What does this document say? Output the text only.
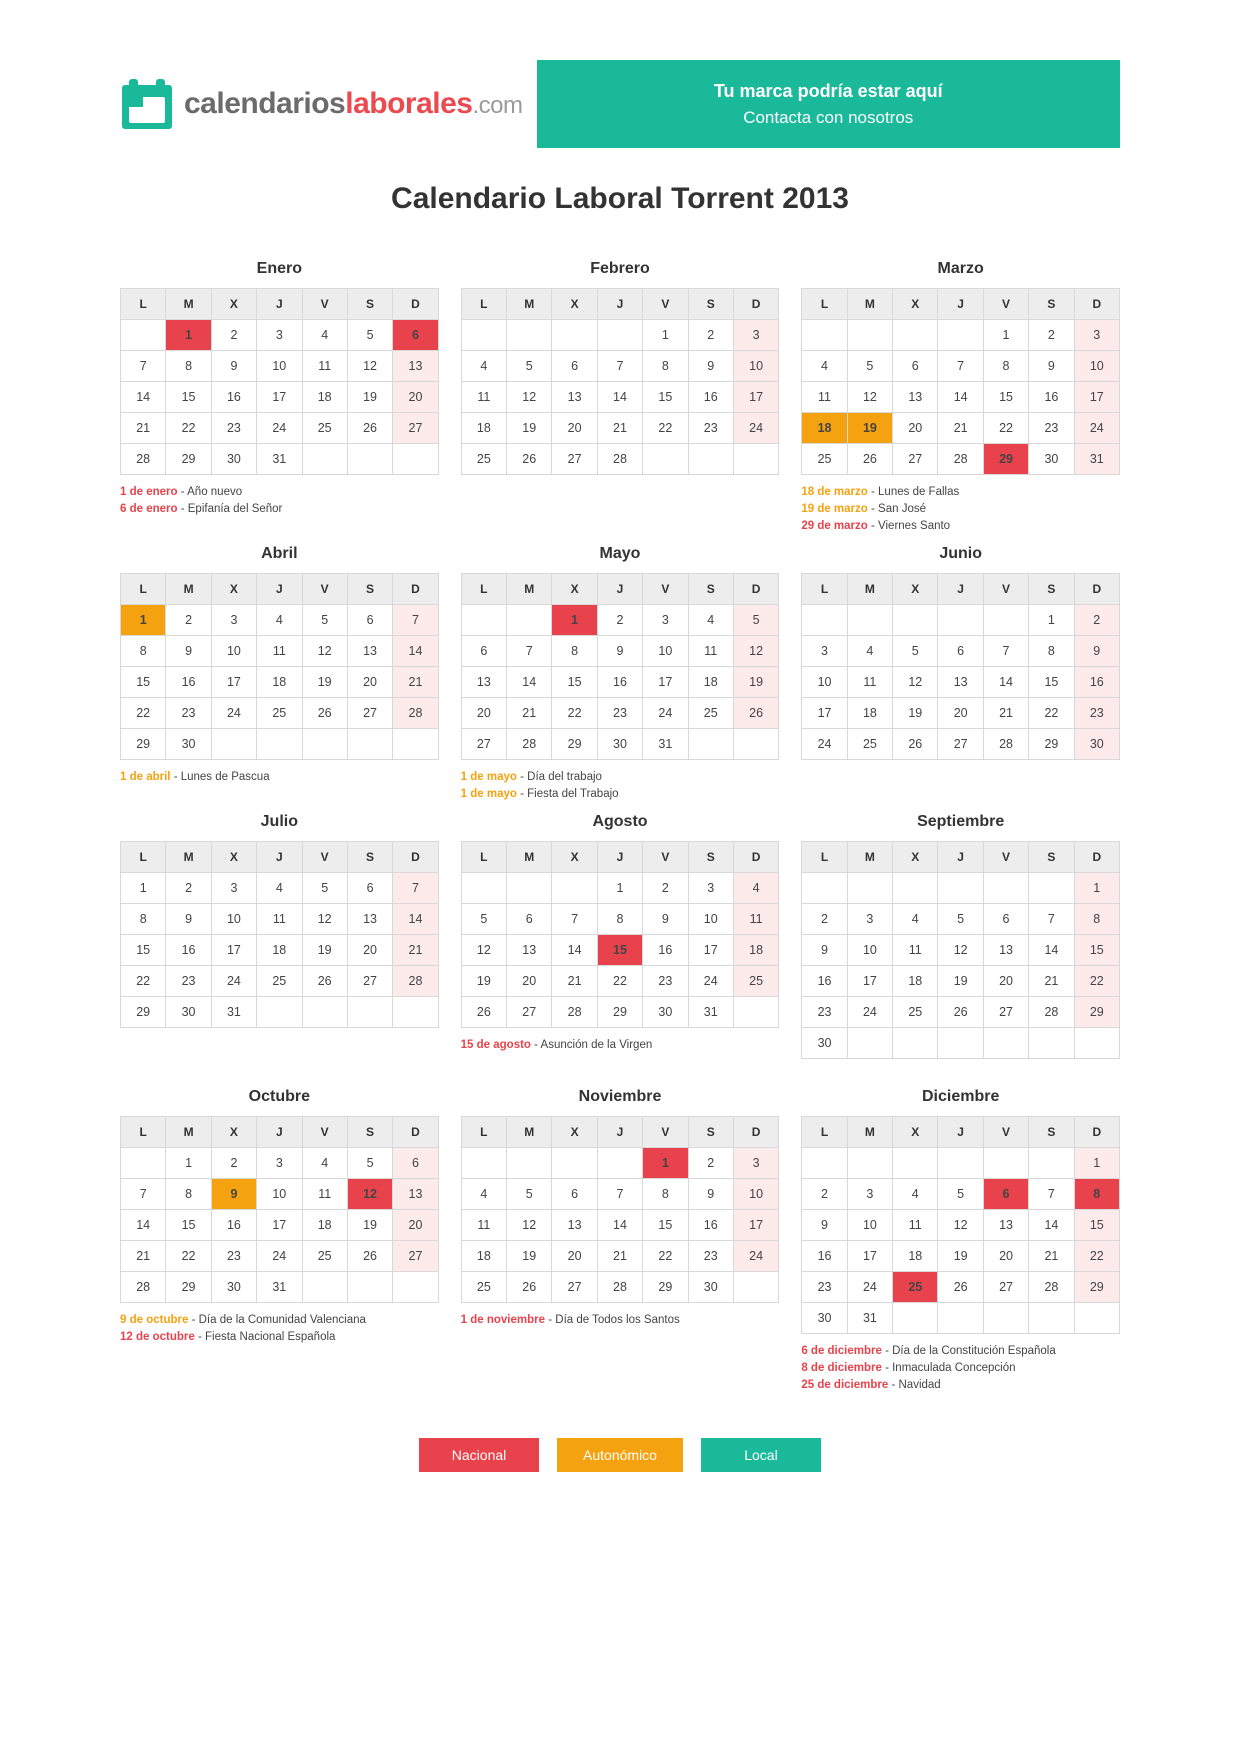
calendarioslaborales.com
Tu marca podría estar aquí
Contacta con nosotros
Calendario Laboral Torrent 2013
Enero
L	M	X	J	V	S	D
	1	2	3	4	5	6
7	8	9	10	11	12	13
14	15	16	17	18	19	20
21	22	23	24	25	26	27
28	29	30	31			
1 de enero - Año nuevo
6 de enero - Epifanía del Señor
Febrero
L	M	X	J	V	S	D
				1	2	3
4	5	6	7	8	9	10
11	12	13	14	15	16	17
18	19	20	21	22	23	24
25	26	27	28			
Marzo
L	M	X	J	V	S	D
				1	2	3
4	5	6	7	8	9	10
11	12	13	14	15	16	17
18	19	20	21	22	23	24
25	26	27	28	29	30	31
18 de marzo - Lunes de Fallas
19 de marzo - San José
29 de marzo - Viernes Santo
Abril
L	M	X	J	V	S	D
1	2	3	4	5	6	7
8	9	10	11	12	13	14
15	16	17	18	19	20	21
22	23	24	25	26	27	28
29	30					
1 de abril - Lunes de Pascua
Mayo
L	M	X	J	V	S	D
		1	2	3	4	5
6	7	8	9	10	11	12
13	14	15	16	17	18	19
20	21	22	23	24	25	26
27	28	29	30	31		
1 de mayo - Día del trabajo
1 de mayo - Fiesta del Trabajo
Junio
L	M	X	J	V	S	D
					1	2
3	4	5	6	7	8	9
10	11	12	13	14	15	16
17	18	19	20	21	22	23
24	25	26	27	28	29	30
Julio
L	M	X	J	V	S	D
1	2	3	4	5	6	7
8	9	10	11	12	13	14
15	16	17	18	19	20	21
22	23	24	25	26	27	28
29	30	31				
Agosto
L	M	X	J	V	S	D
			1	2	3	4
5	6	7	8	9	10	11
12	13	14	15	16	17	18
19	20	21	22	23	24	25
26	27	28	29	30	31	
15 de agosto - Asunción de la Virgen
Septiembre
L	M	X	J	V	S	D
						1
2	3	4	5	6	7	8
9	10	11	12	13	14	15
16	17	18	19	20	21	22
23	24	25	26	27	28	29
30						
Octubre
L	M	X	J	V	S	D
	1	2	3	4	5	6
7	8	9	10	11	12	13
14	15	16	17	18	19	20
21	22	23	24	25	26	27
28	29	30	31			
9 de octubre - Día de la Comunidad Valenciana
12 de octubre - Fiesta Nacional Española
Noviembre
L	M	X	J	V	S	D
				1	2	3
4	5	6	7	8	9	10
11	12	13	14	15	16	17
18	19	20	21	22	23	24
25	26	27	28	29	30	
1 de noviembre - Día de Todos los Santos
Diciembre
L	M	X	J	V	S	D
						1
2	3	4	5	6	7	8
9	10	11	12	13	14	15
16	17	18	19	20	21	22
23	24	25	26	27	28	29
30	31					
6 de diciembre - Día de la Constitución Española
8 de diciembre - Inmaculada Concepción
25 de diciembre - Navidad
Nacional	Autonómico	Local
